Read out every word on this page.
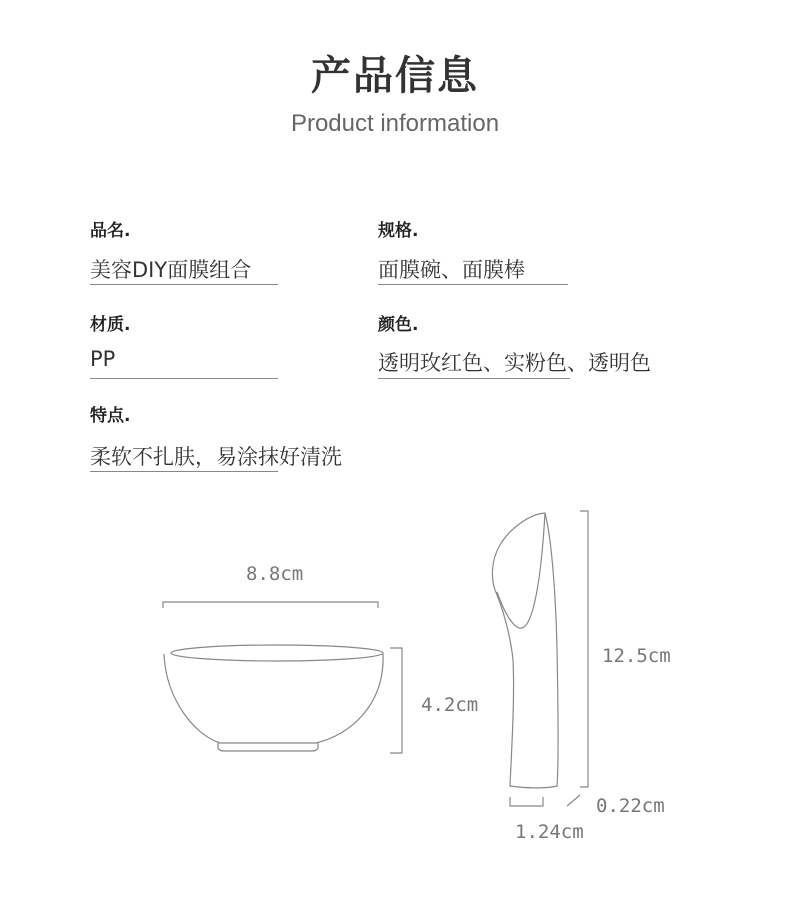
产品信息
Product information
品名.
美容DIY面膜组合
规格.
面膜碗、面膜棒
材质.
PP
颜色.
透明玫红色、实粉色、透明色
特点.
柔软不扎肤，易涂抹好清洗
8.8cm
4.2cm
12.5cm
0.22cm
1.24cm
